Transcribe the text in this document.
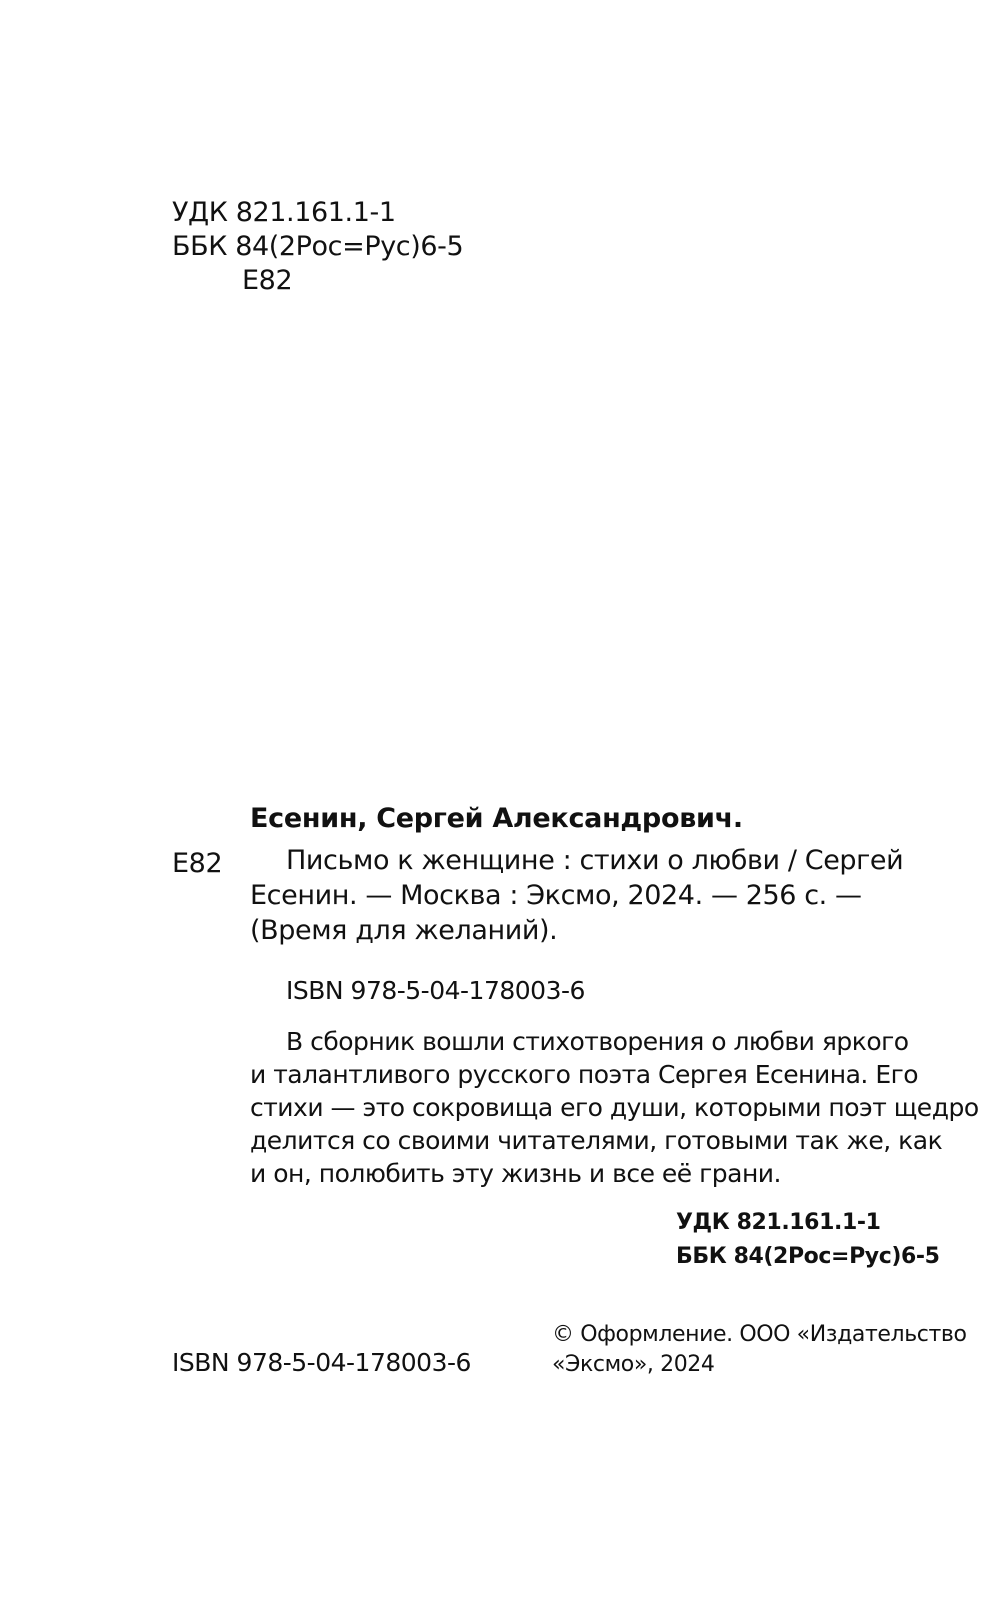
УДК 821.161.1-1
ББК 84(2Рос=Рус)6-5
Е82
Есенин, Сергей Александрович.
Е82 Письмо к женщине : стихи о любви / Сергей
Есенин. — Москва : Эксмо, 2024. — 256 с. —
(Время для желаний).
ISBN 978-5-04-178003-6
В сборник вошли стихотворения о любви яркого
и талантливого русского поэта Сергея Есенина. Его
стихи — это сокровища его души, которыми поэт щедро
делится со своими читателями, готовыми так же, как
и он, полюбить эту жизнь и все её грани.
УДК 821.161.1-1
ББК 84(2Рос=Рус)6-5
ISBN 978-5-04-178003-6
© Оформление. ООО «Издательство
«Эксмо», 2024
